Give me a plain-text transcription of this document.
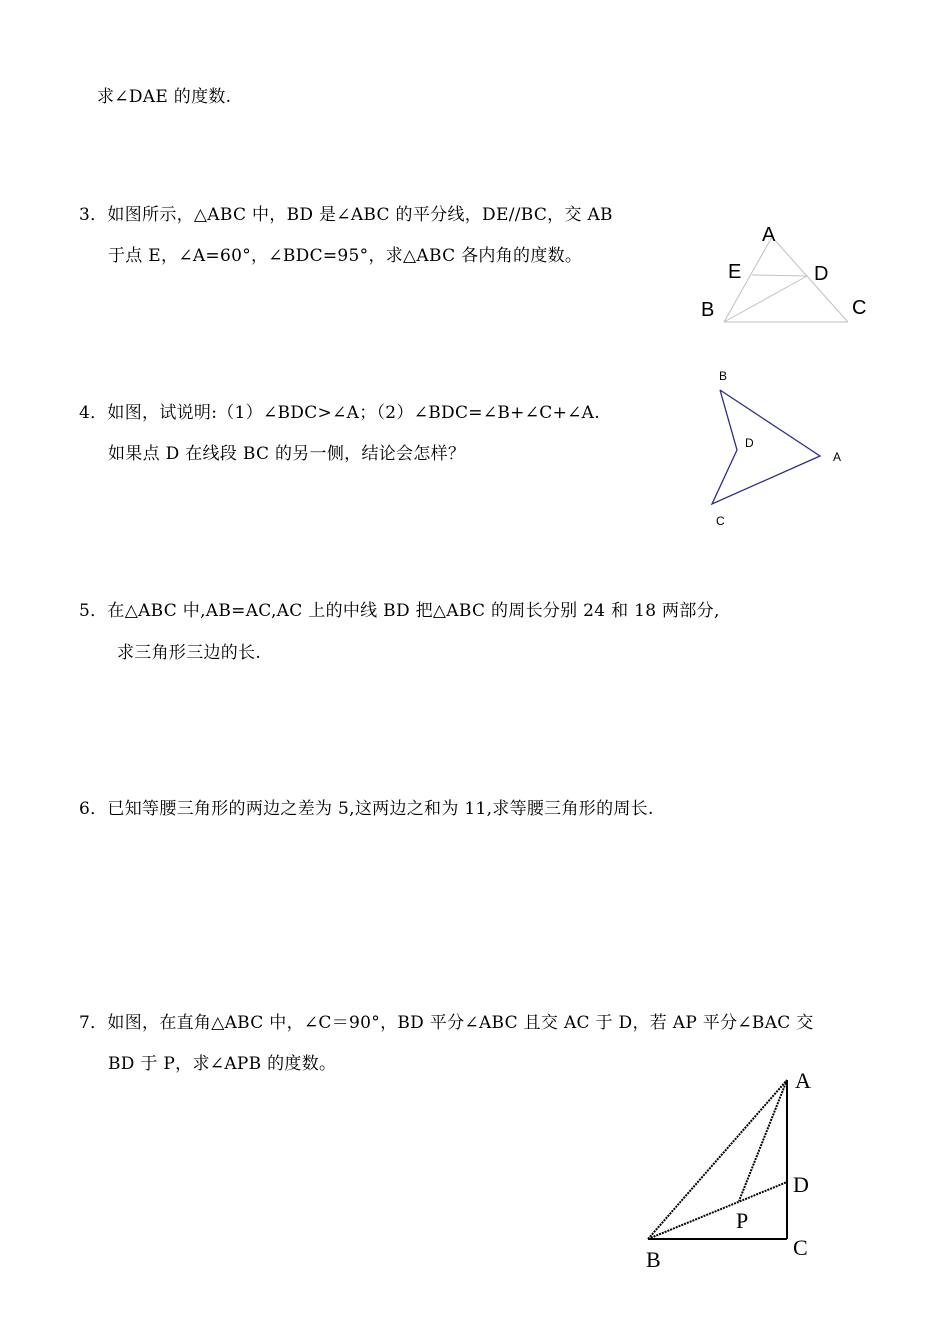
求∠DAE 的度数.
3．如图所示，△ABC 中，BD 是∠ABC 的平分线，DE//BC，交 AB
于点 E，∠A=60°，∠BDC=95°，求△ABC 各内角的度数。
4．如图，试说明:（1）∠BDC>∠A；（2）∠BDC=∠B+∠C+∠A.
如果点 D 在线段 BC 的另一侧，结论会怎样？
5．在△ABC 中,AB=AC,AC 上的中线 BD 把△ABC 的周长分别 24 和 18 两部分,
求三角形三边的长.
6．已知等腰三角形的两边之差为 5,这两边之和为 11,求等腰三角形的周长.
7．如图，在直角△ABC 中，∠C＝90°，BD 平分∠ABC 且交 AC 于 D，若 AP 平分∠BAC 交
BD 于 P，求∠APB 的度数。
A
E	D
B	C
B
D
A
C
A
D
P
C
B
